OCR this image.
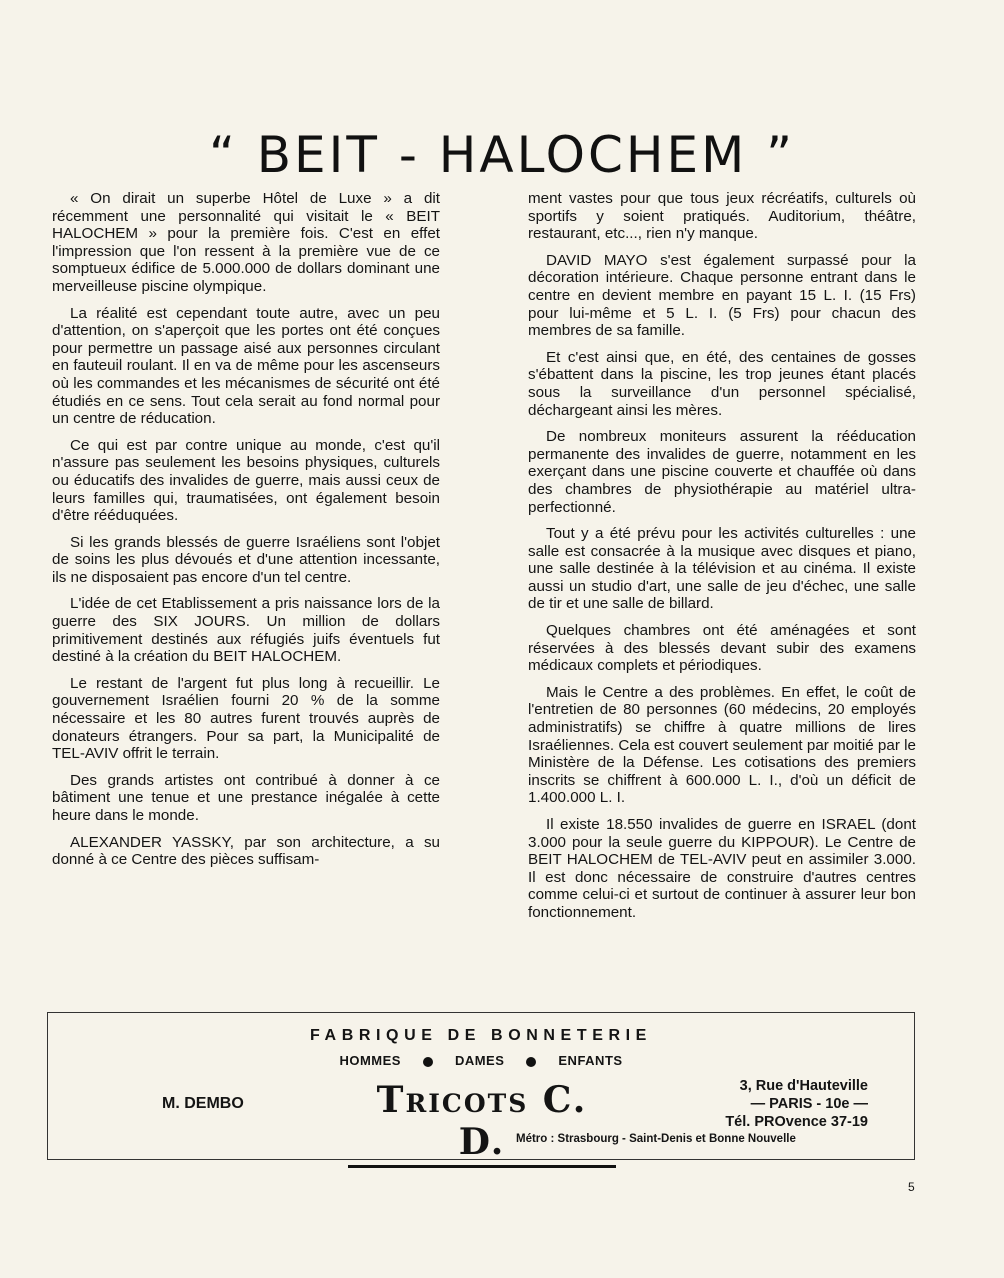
“ BEIT - HALOCHEM ”

« On dirait un superbe Hôtel de Luxe » a dit récemment une personnalité qui visitait le « BEIT HALOCHEM » pour la première fois. C'est en effet l'impression que l'on ressent à la première vue de ce somptueux édifice de 5.000.000 de dollars dominant une merveilleuse piscine olympique.

La réalité est cependant toute autre, avec un peu d'attention, on s'aperçoit que les portes ont été conçues pour permettre un passage aisé aux personnes circulant en fauteuil roulant. Il en va de même pour les ascenseurs où les commandes et les mécanismes de sécurité ont été étudiés en ce sens. Tout cela serait au fond normal pour un centre de réducation.

Ce qui est par contre unique au monde, c'est qu'il n'assure pas seulement les besoins physiques, culturels ou éducatifs des invalides de guerre, mais aussi ceux de leurs familles qui, traumatisées, ont également besoin d'être rééduquées.

Si les grands blessés de guerre Israéliens sont l'objet de soins les plus dévoués et d'une attention incessante, ils ne disposaient pas encore d'un tel centre.

L'idée de cet Etablissement a pris naissance lors de la guerre des SIX JOURS. Un million de dollars primitivement destinés aux réfugiés juifs éventuels fut destiné à la création du BEIT HALOCHEM.

Le restant de l'argent fut plus long à recueillir. Le gouvernement Israélien fourni 20 % de la somme nécessaire et les 80 autres furent trouvés auprès de donateurs étrangers. Pour sa part, la Municipalité de TEL-AVIV offrit le terrain.

Des grands artistes ont contribué à donner à ce bâtiment une tenue et une prestance inégalée à cette heure dans le monde.

ALEXANDER YASSKY, par son architecture, a su donné à ce Centre des pièces suffisam-

ment vastes pour que tous jeux récréatifs, culturels où sportifs y soient pratiqués. Auditorium, théâtre, restaurant, etc..., rien n'y manque.

DAVID MAYO s'est également surpassé pour la décoration intérieure. Chaque personne entrant dans le centre en devient membre en payant 15 L. I. (15 Frs) pour lui-même et 5 L. I. (5 Frs) pour chacun des membres de sa famille.

Et c'est ainsi que, en été, des centaines de gosses s'ébattent dans la piscine, les trop jeunes étant placés sous la surveillance d'un personnel spécialisé, déchargeant ainsi les mères.

De nombreux moniteurs assurent la rééducation permanente des invalides de guerre, notamment en les exerçant dans une piscine couverte et chauffée où dans des chambres de physiothérapie au matériel ultra-perfectionné.

Tout y a été prévu pour les activités culturelles : une salle est consacrée à la musique avec disques et piano, une salle destinée à la télévision et au cinéma. Il existe aussi un studio d'art, une salle de jeu d'échec, une salle de tir et une salle de billard.

Quelques chambres ont été aménagées et sont réservées à des blessés devant subir des examens médicaux complets et périodiques.

Mais le Centre a des problèmes. En effet, le coût de l'entretien de 80 personnes (60 médecins, 20 employés administratifs) se chiffre à quatre millions de lires Israéliennes. Cela est couvert seulement par moitié par le Ministère de la Défense. Les cotisations des premiers inscrits se chiffrent à 600.000 L. I., d'où un déficit de 1.400.000 L. I.

Il existe 18.550 invalides de guerre en ISRAEL (dont 3.000 pour la seule guerre du KIPPOUR). Le Centre de BEIT HALOCHEM de TEL-AVIV peut en assimiler 3.000. Il est donc nécessaire de construire d'autres centres comme celui-ci et surtout de continuer à assurer leur bon fonctionnement.

FABRIQUE DE BONNETERIE
HOMMES	DAMES	ENFANTS
M. DEMBO	Tricots C. D.
3, Rue d'Hauteville
— PARIS - 10e —
Tél. PROvence 37-19
Métro : Strasbourg - Saint-Denis et Bonne Nouvelle
5
